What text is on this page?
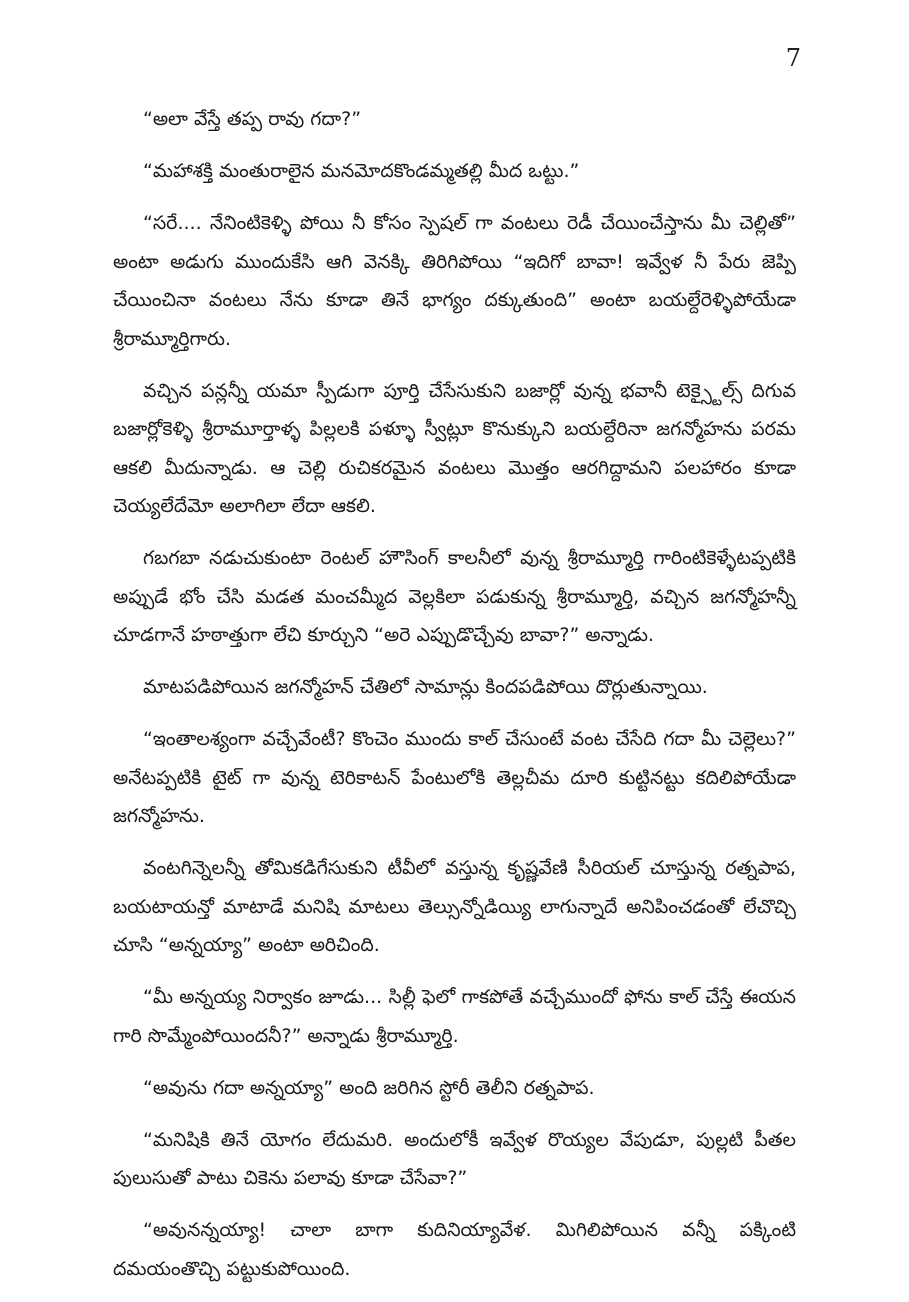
7

“అలా వేస్తే తప్ప రావు గదా?”

“మహాశక్తి మంతురాలైన మనమోదకొండమ్మతల్లి మీద ఒట్టు.”

“సరే.... నేనింటికెళ్ళి పోయి నీ కోసం స్పెషల్ గా వంటలు రెడీ చేయించేస్తాను మీ చెల్లితో” అంటా అడుగు ముందుకేసి ఆగి వెనక్కి తిరిగిపోయి “ఇదిగో బావా! ఇవ్వేళ నీ పేరు జెప్పి చేయించినా వంటలు నేను కూడా తినే భాగ్యం దక్కుతుంది” అంటా బయల్దేరెళ్ళిపోయేడా శ్రీరామ్మూర్తిగారు.

వచ్చిన పన్లన్నీ యమా స్పీడుగా పూర్తి చేసేసుకుని బజార్లో వున్న భవానీ టెక్స్టైల్స్ దిగువ బజార్లోకెళ్ళి శ్రీరామూర్తాళ్ళ పిల్లలకి పళ్ళూ స్వీట్లూ కొనుక్కుని బయల్దేరినా జగన్మోహను పరమ ఆకలి మీదున్నాడు. ఆ చెల్లి రుచికరమైన వంటలు మొత్తం ఆరగిద్దామని పలహారం కూడా చెయ్యలేదేమో అలాగిలా లేదా ఆకలి.

గబగబా నడుచుకుంటా రెంటల్ హౌసింగ్ కాలనీలో వున్న శ్రీరామ్మూర్తి గారింటికెళ్ళేటప్పటికి అప్పుడే భోం చేసి మడత మంచమ్మీద వెల్లకిలా పడుకున్న శ్రీరామ్మూర్తి, వచ్చిన జగన్మోహన్నీ చూడగానే హఠాత్తుగా లేచి కూర్చుని “అరె ఎప్పుడొచ్చేవు బావా?” అన్నాడు.

మాటపడిపోయిన జగన్మోహన్ చేతిలో సామాన్లు కిందపడిపోయి దొర్లుతున్నాయి.

“ఇంతాలశ్యంగా వచ్చేవేంటీ? కొంచెం ముందు కాల్ చేసుంటే వంట చేసేది గదా మీ చెల్లెలు?” అనేటప్పటికి టైట్ గా వున్న టెరికాటన్ పేంటులోకి తెల్లచీమ దూరి కుట్టినట్టు కదిలిపోయేడా జగన్మోహను.

వంటగిన్నెలన్నీ తోమికడిగేసుకుని టీవీలో వస్తున్న కృష్ణవేణి సీరియల్ చూస్తున్న రత్నపాప, బయటాయన్తో మాటాడే మనిషి మాటలు తెల్సున్నోడియ్యి లాగున్నాదే అనిపించడంతో లేచొచ్చి చూసి “అన్నయ్యా” అంటా అరిచింది.

“మీ అన్నయ్య నిర్వాకం జూడు... సిల్లీ ఫెలో గాకపోతే వచ్చేముందో ఫోను కాల్ చేస్తే ఈయన గారి సొమ్మేంపోయిందనీ?” అన్నాడు శ్రీరామ్మూర్తి.

“అవును గదా అన్నయ్యా” అంది జరిగిన స్టోరీ తెలీని రత్నపాప.

“మనిషికి తినే యోగం లేదుమరి. అందులోకీ ఇవ్వేళ రొయ్యల వేపుడూ, పుల్లటి పీతల పులుసుతో పాటు చికెను పలావు కూడా చేసేవా?”

“అవునన్నయ్యా! చాలా బాగా కుదినియ్యావేళ. మిగిలిపోయిన వన్నీ పక్కింటి దమయంతొచ్చి పట్టుకుపోయింది.
